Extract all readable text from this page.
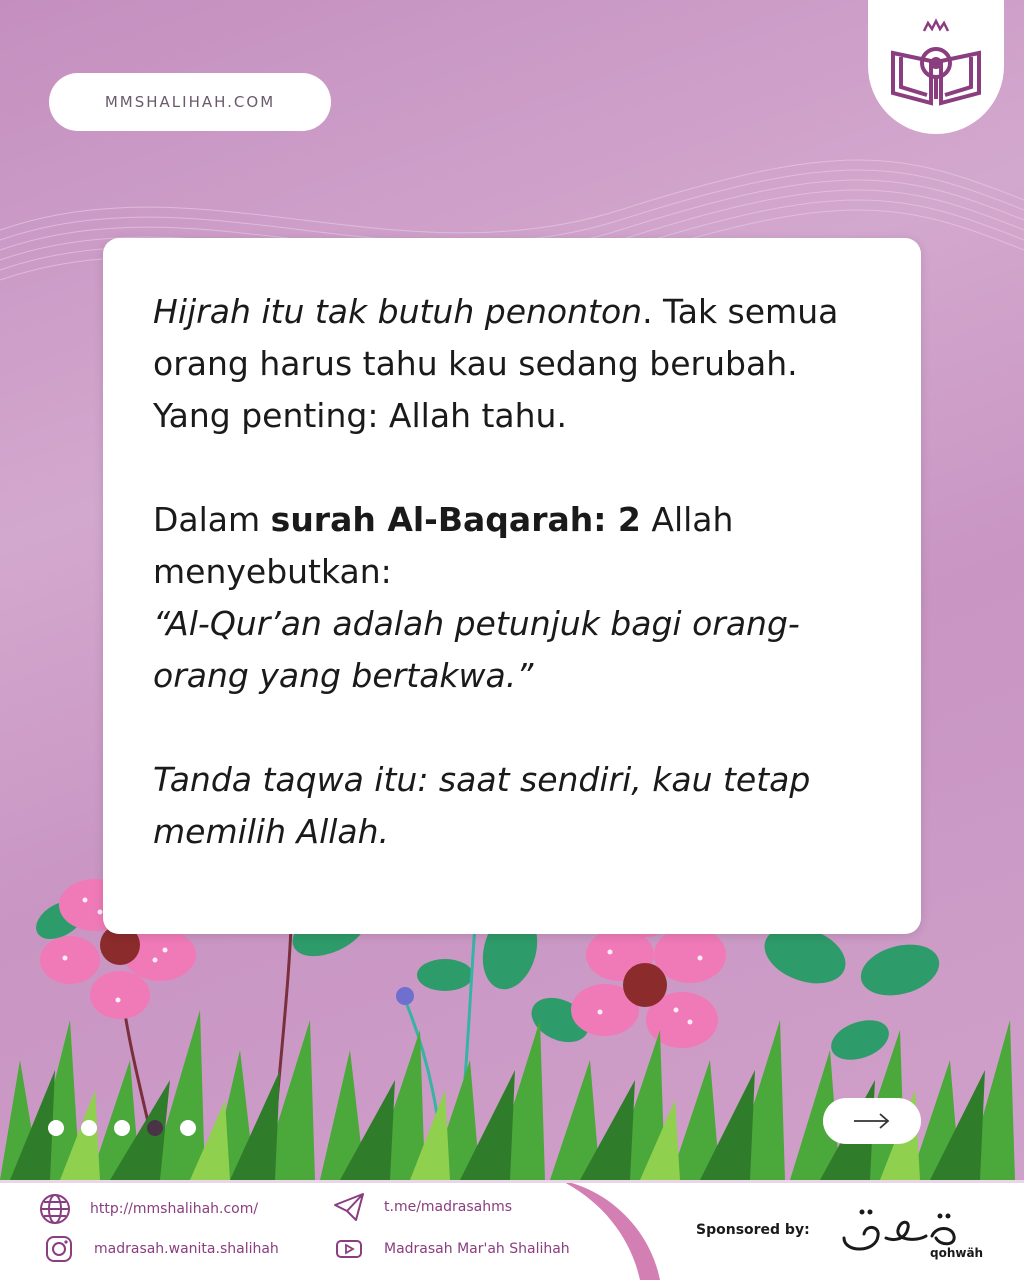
MMSHALIHAH.COM

Hijrah itu tak butuh penonton. Tak semua orang harus tahu kau sedang berubah.

Yang penting: Allah tahu.

Dalam surah Al-Baqarah: 2 Allah menyebutkan:

“Al-Qur’an adalah petunjuk bagi orang-orang yang bertakwa.”

Tanda taqwa itu: saat sendiri, kau tetap memilih Allah.

http://mmshalihah.com/
madrasah.wanita.shalihah
t.me/madrasahms
Madrasah Mar'ah Shalihah
Sponsored by:
qohwäh
